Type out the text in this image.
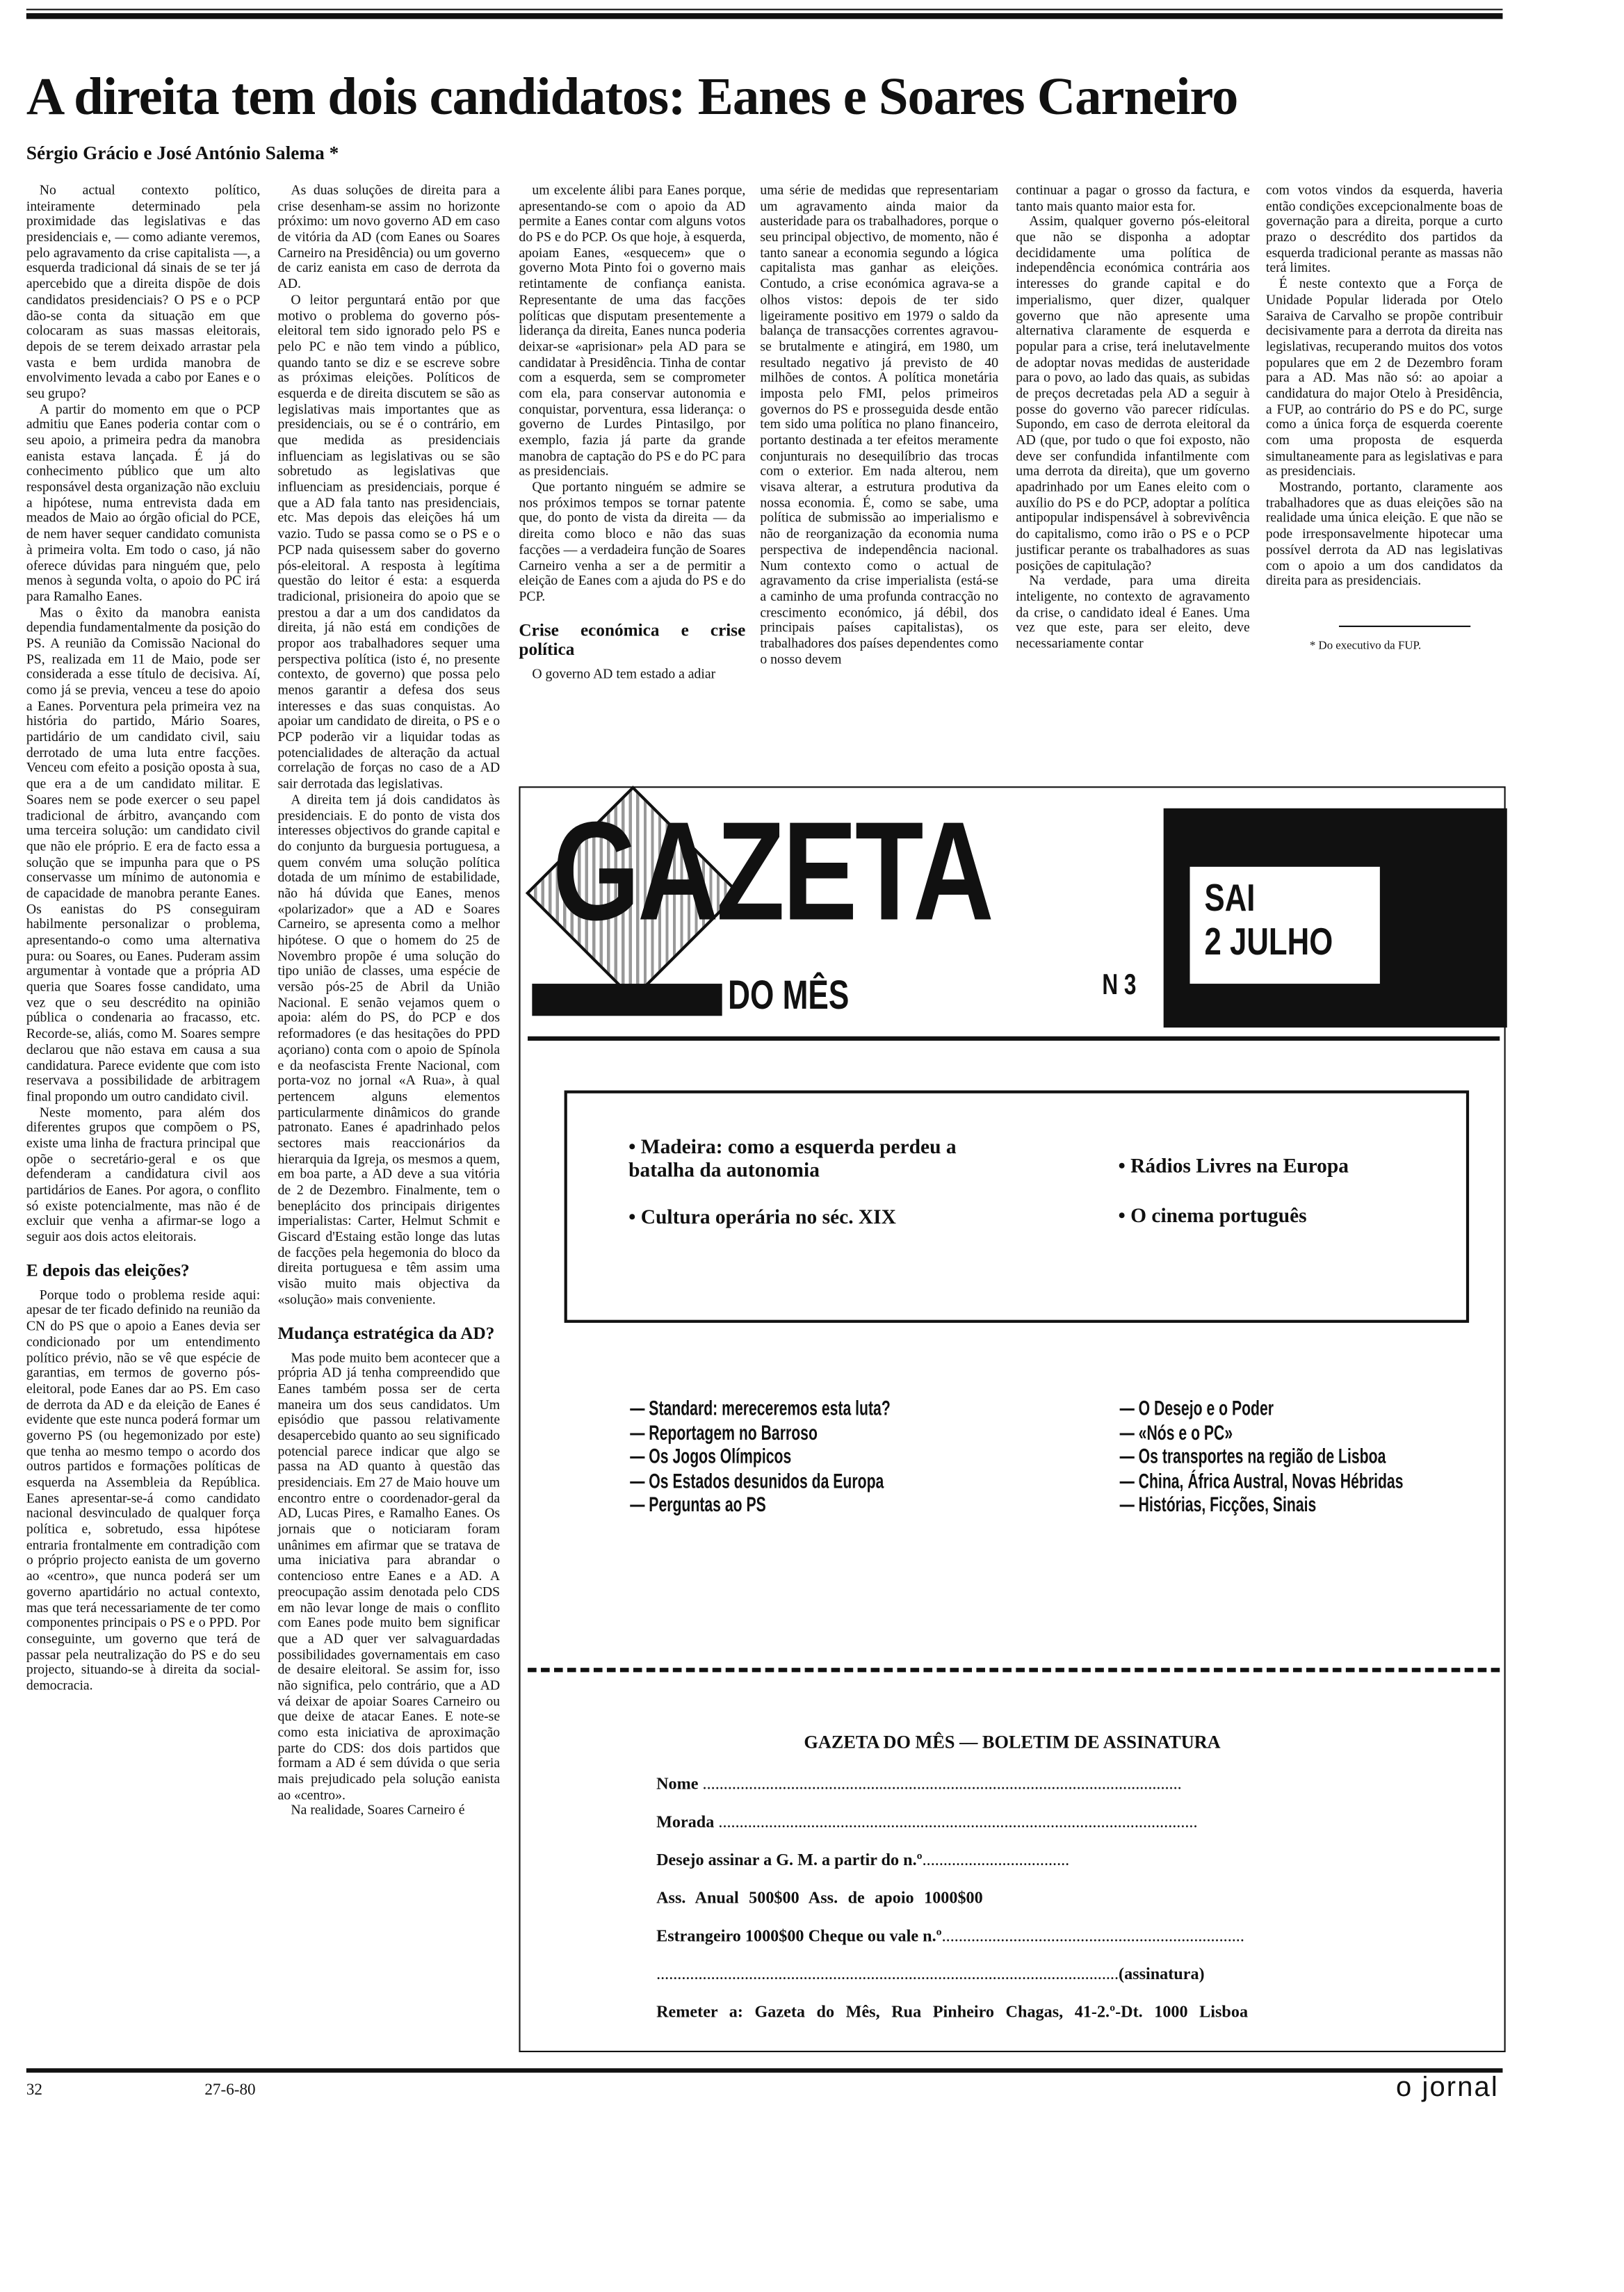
A direita tem dois candidatos: Eanes e Soares Carneiro
Sérgio Grácio e José António Salema *

No actual contexto político, inteiramente determinado pela proximidade das legislativas e das presidenciais e, — como adiante veremos, pelo agravamento da crise capitalista —, a esquerda tradicional dá sinais de se ter já apercebido que a direita dispõe de dois candidatos presidenciais? O PS e o PCP dão-se conta da situação em que colocaram as suas massas eleitorais, depois de se terem deixado arrastar pela vasta e bem urdida manobra de envolvimento levada a cabo por Eanes e o seu grupo?

A partir do momento em que o PCP admitiu que Eanes poderia contar com o seu apoio, a primeira pedra da manobra eanista estava lançada. É já do conhecimento público que um alto responsável desta organização não excluiu a hipótese, numa entrevista dada em meados de Maio ao órgão oficial do PCE, de nem haver sequer candidato comunista à primeira volta. Em todo o caso, já não oferece dúvidas para ninguém que, pelo menos à segunda volta, o apoio do PC irá para Ramalho Eanes.

Mas o êxito da manobra eanista dependia fundamentalmente da posição do PS. A reunião da Comissão Nacional do PS, realizada em 11 de Maio, pode ser considerada a esse título de decisiva. Aí, como já se previa, venceu a tese do apoio a Eanes. Porventura pela primeira vez na história do partido, Mário Soares, partidário de um candidato civil, saiu derrotado de uma luta entre facções. Venceu com efeito a posição oposta à sua, que era a de um candidato militar. E Soares nem se pode exercer o seu papel tradicional de árbitro, avançando com uma terceira solução: um candidato civil que não ele próprio. E era de facto essa a solução que se impunha para que o PS conservasse um mínimo de autonomia e de capacidade de manobra perante Eanes. Os eanistas do PS conseguiram habilmente personalizar o problema, apresentando-o como uma alternativa pura: ou Soares, ou Eanes. Puderam assim argumentar à vontade que a própria AD queria que Soares fosse candidato, uma vez que o seu descrédito na opinião pública o condenaria ao fracasso, etc. Recorde-se, aliás, como M. Soares sempre declarou que não estava em causa a sua candidatura. Parece evidente que com isto reservava a possibilidade de arbitragem final propondo um outro candidato civil.

Neste momento, para além dos diferentes grupos que compõem o PS, existe uma linha de fractura principal que opõe o secretário-geral e os que defenderam a candidatura civil aos partidários de Eanes. Por agora, o conflito só existe potencialmente, mas não é de excluir que venha a afirmar-se logo a seguir aos dois actos eleitorais.

E depois das eleições?

Porque todo o problema reside aqui: apesar de ter ficado definido na reunião da CN do PS que o apoio a Eanes devia ser condicionado por um entendimento político prévio, não se vê que espécie de garantias, em termos de governo pós-eleitoral, pode Eanes dar ao PS. Em caso de derrota da AD e da eleição de Eanes é evidente que este nunca poderá formar um governo PS (ou hegemonizado por este) que tenha ao mesmo tempo o acordo dos outros partidos e formações políticas de esquerda na Assembleia da República. Eanes apresentar-se-á como candidato nacional desvinculado de qualquer força política e, sobretudo, essa hipótese entraria frontalmente em contradição com o próprio projecto eanista de um governo ao «centro», que nunca poderá ser um governo apartidário no actual contexto, mas que terá necessariamente de ter como componentes principais o PS e o PPD. Por conseguinte, um governo que terá de passar pela neutralização do PS e do seu projecto, situando-se à direita da social-democracia.

As duas soluções de direita para a crise desenham-se assim no horizonte próximo: um novo governo AD em caso de vitória da AD (com Eanes ou Soares Carneiro na Presidência) ou um governo de cariz eanista em caso de derrota da AD.

O leitor perguntará então por que motivo o problema do governo pós-eleitoral tem sido ignorado pelo PS e pelo PC e não tem vindo a público, quando tanto se diz e se escreve sobre as próximas eleições. Políticos de esquerda e de direita discutem se são as legislativas mais importantes que as presidenciais, ou se é o contrário, em que medida as presidenciais influenciam as legislativas ou se são sobretudo as legislativas que influenciam as presidenciais, porque é que a AD fala tanto nas presidenciais, etc. Mas depois das eleições há um vazio. Tudo se passa como se o PS e o PCP nada quisessem saber do governo pós-eleitoral. A resposta à legítima questão do leitor é esta: a esquerda tradicional, prisioneira do apoio que se prestou a dar a um dos candidatos da direita, já não está em condições de propor aos trabalhadores sequer uma perspectiva política (isto é, no presente contexto, de governo) que possa pelo menos garantir a defesa dos seus interesses e das suas conquistas. Ao apoiar um candidato de direita, o PS e o PCP poderão vir a liquidar todas as potencialidades de alteração da actual correlação de forças no caso de a AD sair derrotada das legislativas.

A direita tem já dois candidatos às presidenciais. E do ponto de vista dos interesses objectivos do grande capital e do conjunto da burguesia portuguesa, a quem convém uma solução política dotada de um mínimo de estabilidade, não há dúvida que Eanes, menos «polarizador» que a AD e Soares Carneiro, se apresenta como a melhor hipótese. O que o homem do 25 de Novembro propõe é uma solução do tipo união de classes, uma espécie de versão pós-25 de Abril da União Nacional. E senão vejamos quem o apoia: além do PS, do PCP e dos reformadores (e das hesitações do PPD açoriano) conta com o apoio de Spínola e da neofascista Frente Nacional, com porta-voz no jornal «A Rua», à qual pertencem alguns elementos particularmente dinâmicos do grande patronato. Eanes é apadrinhado pelos sectores mais reaccionários da hierarquia da Igreja, os mesmos a quem, em boa parte, a AD deve a sua vitória de 2 de Dezembro. Finalmente, tem o beneplácito dos principais dirigentes imperialistas: Carter, Helmut Schmit e Giscard d'Estaing estão longe das lutas de facções pela hegemonia do bloco da direita portuguesa e têm assim uma visão muito mais objectiva da «solução» mais conveniente.

Mudança estratégica da AD?

Mas pode muito bem acontecer que a própria AD já tenha compreendido que Eanes também possa ser de certa maneira um dos seus candidatos. Um episódio que passou relativamente desapercebido quanto ao seu significado potencial parece indicar que algo se passa na AD quanto à questão das presidenciais. Em 27 de Maio houve um encontro entre o coordenador-geral da AD, Lucas Pires, e Ramalho Eanes. Os jornais que o noticiaram foram unânimes em afirmar que se tratava de uma iniciativa para abrandar o contencioso entre Eanes e a AD. A preocupação assim denotada pelo CDS em não levar longe de mais o conflito com Eanes pode muito bem significar que a AD quer ver salvaguardadas possibilidades governamentais em caso de desaire eleitoral. Se assim for, isso não significa, pelo contrário, que a AD vá deixar de apoiar Soares Carneiro ou que deixe de atacar Eanes. E note-se como esta iniciativa de aproximação parte do CDS: dos dois partidos que formam a AD é sem dúvida o que seria mais prejudicado pela solução eanista ao «centro».

Na realidade, Soares Carneiro é

um excelente álibi para Eanes porque, apresentando-se com o apoio da AD permite a Eanes contar com alguns votos do PS e do PCP. Os que hoje, à esquerda, apoiam Eanes, «esquecem» que o governo Mota Pinto foi o governo mais retintamente de confiança eanista. Representante de uma das facções políticas que disputam presentemente a liderança da direita, Eanes nunca poderia deixar-se «aprisionar» pela AD para se candidatar à Presidência. Tinha de contar com a esquerda, sem se comprometer com ela, para conservar autonomia e conquistar, porventura, essa liderança: o governo de Lurdes Pintasilgo, por exemplo, fazia já parte da grande manobra de captação do PS e do PC para as presidenciais.

Que portanto ninguém se admire se nos próximos tempos se tornar patente que, do ponto de vista da direita — da direita como bloco e não das suas facções — a verdadeira função de Soares Carneiro venha a ser a de permitir a eleição de Eanes com a ajuda do PS e do PCP.

Crise económica e crise política

O governo AD tem estado a adiar

uma série de medidas que representariam um agravamento ainda maior da austeridade para os trabalhadores, porque o seu principal objectivo, de momento, não é tanto sanear a economia segundo a lógica capitalista mas ganhar as eleições. Contudo, a crise económica agrava-se a olhos vistos: depois de ter sido ligeiramente positivo em 1979 o saldo da balança de transacções correntes agravou-se brutalmente e atingirá, em 1980, um resultado negativo já previsto de 40 milhões de contos. A política monetária imposta pelo FMI, pelos primeiros governos do PS e prosseguida desde então tem sido uma política no plano financeiro, portanto destinada a ter efeitos meramente conjunturais no desequilíbrio das trocas com o exterior. Em nada alterou, nem visava alterar, a estrutura produtiva da nossa economia. É, como se sabe, uma política de submissão ao imperialismo e não de reorganização da economia numa perspectiva de independência nacional. Num contexto como o actual de agravamento da crise imperialista (está-se a caminho de uma profunda contracção no crescimento económico, já débil, dos principais países capitalistas), os trabalhadores dos países dependentes como o nosso devem

continuar a pagar o grosso da factura, e tanto mais quanto maior esta for.

Assim, qualquer governo pós-eleitoral que não se disponha a adoptar decididamente uma política de independência económica contrária aos interesses do grande capital e do imperialismo, quer dizer, qualquer governo que não apresente uma alternativa claramente de esquerda e popular para a crise, terá inelutavelmente de adoptar novas medidas de austeridade para o povo, ao lado das quais, as subidas de preços decretadas pela AD a seguir à posse do governo vão parecer ridículas. Supondo, em caso de derrota eleitoral da AD (que, por tudo o que foi exposto, não deve ser confundida infantilmente com uma derrota da direita), que um governo apadrinhado por um Eanes eleito com o auxílio do PS e do PCP, adoptar a política antipopular indispensável à sobrevivência do capitalismo, como irão o PS e o PCP justificar perante os trabalhadores as suas posições de capitulação?

Na verdade, para uma direita inteligente, no contexto de agravamento da crise, o candidato ideal é Eanes. Uma vez que este, para ser eleito, deve necessariamente contar

com votos vindos da esquerda, haveria então condições excepcionalmente boas de governação para a direita, porque a curto prazo o descrédito dos partidos da esquerda tradicional perante as massas não terá limites.

É neste contexto que a Força de Unidade Popular liderada por Otelo Saraiva de Carvalho se propõe contribuir decisivamente para a derrota da direita nas legislativas, recuperando muitos dos votos populares que em 2 de Dezembro foram para a AD. Mas não só: ao apoiar a candidatura do major Otelo à Presidência, a FUP, ao contrário do PS e do PC, surge como a única força de esquerda coerente com uma proposta de esquerda simultaneamente para as legislativas e para as presidenciais.

Mostrando, portanto, claramente aos trabalhadores que as duas eleições são na realidade uma única eleição. E que não se pode irresponsavelmente hipotecar uma possível derrota da AD nas legislativas com o apoio a um dos candidatos da direita para as presidenciais.

* Do executivo da FUP.
GAZETA
DO MÊS	N 3
SAI
2 JULHO
• Madeira: como a esquerda perdeu a batalha da autonomia
• Cultura operária no séc. XIX
• Rádios Livres na Europa
• O cinema português
— Standard: mereceremos esta luta?
— Reportagem no Barroso
— Os Jogos Olímpicos
— Os Estados desunidos da Europa
— Perguntas ao PS
— O Desejo e o Poder
— «Nós e o PC»
— Os transportes na região de Lisboa
— China, África Austral, Novas Hébridas
— Histórias, Ficções, Sinais
GAZETA DO MÊS — BOLETIM DE ASSINATURA
Nome ..................................................................................................................
Morada ..................................................................................................................
Desejo assinar a G. M. a partir do n.º...................................
Ass. Anual 500$00 Ass. de apoio 1000$00
Estrangeiro 1000$00 Cheque ou vale n.º........................................................................
..............................................................................................................(assinatura)
Remeter a: Gazeta do Mês, Rua Pinheiro Chagas, 41-2.º-Dt. 1000 Lisboa
32	27-6-80	o jornal
